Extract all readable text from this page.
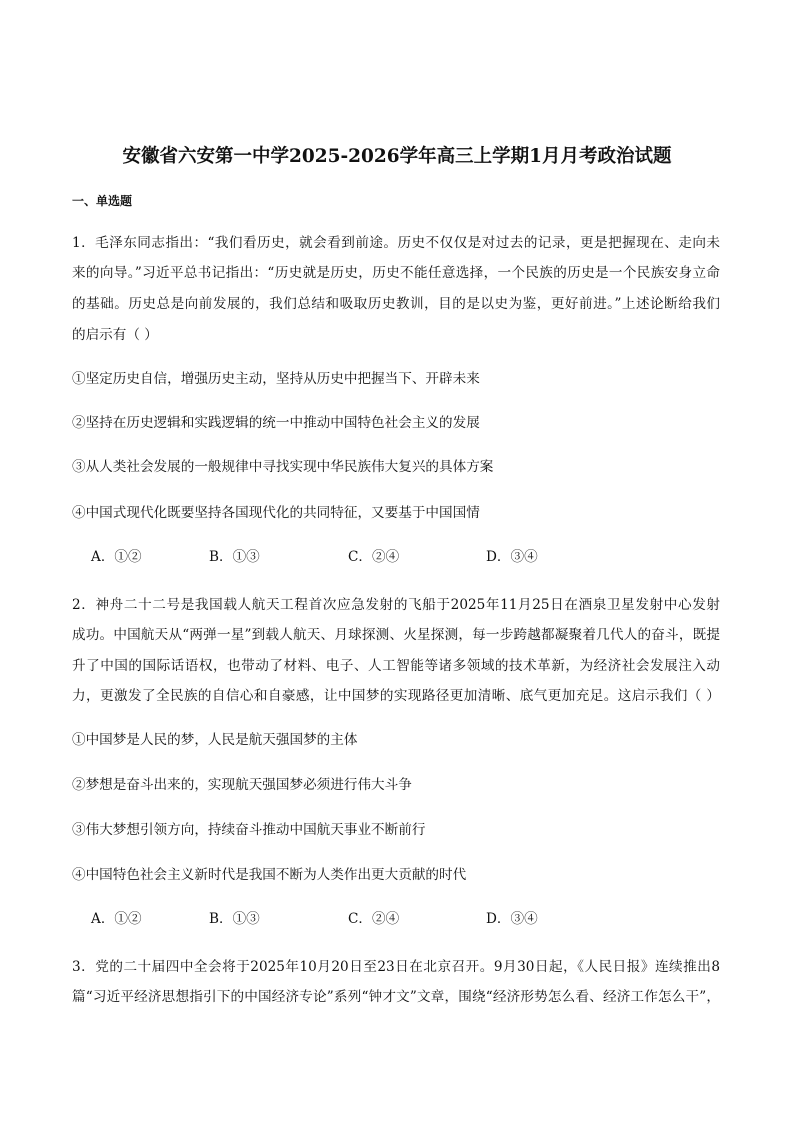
安徽省六安第一中学2025-2026学年高三上学期1月月考政治试题
一、单选题
1．毛泽东同志指出：“我们看历史，就会看到前途。历史不仅仅是对过去的记录，更是把握现在、走向未
来的向导。”习近平总书记指出：“历史就是历史，历史不能任意选择，一个民族的历史是一个民族安身立命
的基础。历史总是向前发展的，我们总结和吸取历史教训，目的是以史为鉴，更好前进。”上述论断给我们
的启示有（ ）
①坚定历史自信，增强历史主动，坚持从历史中把握当下、开辟未来
②坚持在历史逻辑和实践逻辑的统一中推动中国特色社会主义的发展
③从人类社会发展的一般规律中寻找实现中华民族伟大复兴的具体方案
④中国式现代化既要坚持各国现代化的共同特征，又要基于中国国情
A．①②	B．①③	C．②④	D．③④
2．神舟二十二号是我国载人航天工程首次应急发射的飞船于2025年11月25日在酒泉卫星发射中心发射
成功。中国航天从“两弹一星”到载人航天、月球探测、火星探测，每一步跨越都凝聚着几代人的奋斗，既提
升了中国的国际话语权，也带动了材料、电子、人工智能等诸多领域的技术革新，为经济社会发展注入动
力，更激发了全民族的自信心和自豪感，让中国梦的实现路径更加清晰、底气更加充足。这启示我们（ ）
①中国梦是人民的梦，人民是航天强国梦的主体
②梦想是奋斗出来的，实现航天强国梦必须进行伟大斗争
③伟大梦想引领方向，持续奋斗推动中国航天事业不断前行
④中国特色社会主义新时代是我国不断为人类作出更大贡献的时代
A．①②	B．①③	C．②④	D．③④
3．党的二十届四中全会将于2025年10月20日至23日在北京召开。9月30日起，《人民日报》连续推出8
篇“习近平经济思想指引下的中国经济专论”系列“钟才文”文章，围绕“经济形势怎么看、经济工作怎么干”，
